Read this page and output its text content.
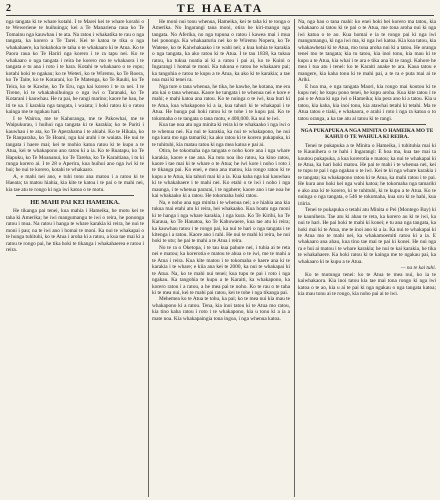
2	TE HAEATA

nga tangata ki te whare kotahi. I te Marei kei te whare korahi o te Weweriene te huihuinga; kei a Te Manariena raua ko Te Tomainu nga kauwhau i te ata. Na ratou i whakatika te rau o nga tangata, ka korero a Te Tarei. Kei te katoa te tika o nga whakahaere, ka hokahoka te taha o te whakaaro ki te Atua. Ko te Paora raua ko Te Hariri nga korero i te ra tapu nei. Ko te whakaaro o nga tangata i reira he korero mo te whakaora i te tangata e tu ana i roto i te hara. Kotahi te whakaaro o te ropu; kotahi hoki te ngakau; ko te Weteri, ko te Wiremu, ko Te Roera, ko Te Taite, ko te Kotarani, ko Te Matenga, ko Te Rauhi, ko Te Teira, ko te Kawhe, ko Te Eru, nga kai korero i te ra nei. I te Tirene, ki te whakahuihuinga o nga iwi o Taranaki, ko Te Kotarani i kauwhau. He ra pai, he rangi marino; kaore he hau, he iti te ua. I karakia nga tangata, i waiata; i hoki ratou ki o ratou kainga me te ngakau hari.

I te Wairoa, me te Kahuranga, me te Pakowhai, me te Waipukurau, i huihui nga tangata ki te karakia; ko te Pariti i kauwhau i te ata, ko Te Aperahama i te ahiahi. Ko te Hikaia, ko Te Rauparaha, ko Te Hoani, nga kai arahi i te waiata. He nui te tangata i haere mai; kei te mohio katoa ratou ki te kupu a te Atua, kei te whakapono ano ratou ki a ia. Ko te Ruatapu, ko Te Hapuku, ko Te Moananui, ko Te Tareha, ko Te Karaitiana, i tu ki runga korero ai. I te 28 o Aperira, kua huihui ano nga iwi ki te hui; he nui te korero, kotahi te whakaaro.

A, e mahi nei ano, e tuhi tonu ana matou i a ratou ki te Haeata; ta matou hiahia, kia kite te katoa i te pai o te mahi nei, kia tae atu te rongo ki nga iwi katoa o te motu.

HE MAHI PAI KEI HAMEIKA.

He tikanga pai tenei, kua mahia i Hameika, he motu kei te taha ki Amerika; he iwi mangumangu te iwi o reira, he pononga ratou i mua. Na ratou i hanga te whare karakia ki reira, he nui te moni i pau; na te iwi ano i homai te moni. Ka nui te whakapai o te hunga tuhituhi, ko te Atua i aroha ki a ratou, a kua tae mai ki a ratou te rongo pai, he tika hoki te tikanga i whakahaerea e ratou i reira.

He moni nui tonu whenua, Hameika, kei te taha ki te tonga o Amerika. No Ingarangi tana moni, otira he kiri-mangu nga tangata. No Aferika, no nga tupuna o ratou i kawea mai i mua hei pononga. Ka whakaaturia nei ko te Wiremu Nopera, ko Te Watene, ko te Kaiwhakaako i te wahi nei; a kua kohia te karakia o nga tangata, ka ako ratou ki te Atua. I te tau 1838, ka tukua ratou, ka tukua noatia ai ki a ratou i pai ai, ko te Kuini o Ingarangi i homai te moni. Ka tukuna e ratou he whakaaro pai; ka tangohia e ratou te kupu a te Atua, ka ako ki te karakia; a tae noa mai ki tenei ra.

Nga ture o tana whenua, he tika, he kawhe, he kotana, me era atu kai o tana whenua. Kaore he tangata i te whenua nei e kore e mahi; e mahi katoa ana ratou. Ko te nuinga o te iwi, kua huri ki te Atua, kua whakapono ki a ia, kua tahuri ki te whakapai i te Atua. He hunga pai hoki ratou ki te tohe i te kupu pai. Ko te tokomaha o te tangata o tana motu, e 400,000. Ka nui te iwi.

Kua tae noa atu nga minita ki reira ki te whakaako i nga iwi o te whenua nei. Ka nui te karakia, ka nui te whakapono, he nui nga kura mo nga tamariki; ka ako ratou ki te korero pukapuka, ki te tuhituhi, kia matau ratou ki nga mea katoa e pai ai.

Otira, he tokomaha nga tangata e noho kore ana i nga whare karakia, kaore e tae ana. Ka tutu noa iho ratou, ka kino ratou, kaore i tae mai ki te whare o te Atua; he iwi kore i noho i roto i te tikanga pai. Ko enei, e mea ana matou, kia rongo ratou ki te kupu a te Atua, kia tahuri mai ki a ia. Kua kaha nga kai kauwhau ki te whakahaere i te mahi nei. Ko etahi o te iwi i noho i nga maunga, i te whenua pararai, i te ngahere; kaore ano i tae noa he kai whakaako ki a ratou. He tokomaha hoki ratou.

Na, e noho ana nga minita i te whenua nei; a e hiahia ana kia tukua mai etahi atu ki reira, hei whakaako. Kua hoatu nga moni ki te hanga i nga whare karakia, i nga kura. Ko Te Kirihi, ko Te Karaua, ko Te Hanatoa, ko Te Kahuwaere, kua tae atu ki reira; ka kauwhau ratou i te rongo pai, ka nui te hari o nga tangata i te kitenga i a ratou. Kaore ano i rahi. He nui te mahi ki reira, he nui hoki te utu; he pai te mahi a te Atua i reira.

No te ra o Oketopa, i te tau kua pahure nei, i tuhia ai te reta nei e matou; ka korerotia e matou te ahua o te iwi, me te mahi a te Atua i reira. Kua kite matou i te tokomaha e haere ana ki te karakia i te whare; e kiia ana kei te 2000, ka nui te whakapai ki te Atua. Na, ko te mahi nui tenei; kua tupu te pai i roto i nga ngakau. Ka tangohia te kupu a te Karaiti, ka whakapono, ka korero ratou i a ratou, a he mea pai te noho. Ko te rau o te taha ki te mea nui, kei te mahi pai ratou, kei te tohe i nga tikanga pai.

Mehemea ko te Atua te tohu, ka pai; ko te mea nui kia mau te whakapono ki a ratou. Tena, kia inoi tatou ki te Atua mo ratou, kia tino kaha ratou i roto i te whakapono, kia u tonu ki a ia a mate noa. Kia whakapaingia tona ingoa, i nga whenua katoa.

Na, nga hau o tana mahi: ko enei hoki hei korero ma tatou, kia whakaaro ai tatou ki te pai o te Atua, me tona aroha nui ki nga iwi katoa o te ao. Kua homai e ia te rongo pai ki nga iwi mangumangu, ki nga iwi ma, ki nga iwi katoa. Kia koa tatou, kia whakawhetai ki te Atua, mo tona aroha nui ki a tatou. He oranga tenei mo te tangata; kia tu tatou, kia inoi tonu, kia mau ki te kupu a te Atua, kia whai i te ara e tika ana ki te rangi. Kahore he mea i tua atu i tenei: ko te Karaiti anake te ara. Kaua tatou e mangere, kia kaha tonu ki te mahi pai, a te ra e puta mai ai te Ariki.

E hoa ma, e nga tangata Maori, kia rongo mai koutou ki te kupu nei; he kupu pono tenei, he kupu aroha. Kua kite tatou i te pai o te Atua ki nga iwi o Hameika; kia pera ano ki a tatou. Kia u tatou, kia kaha, kia inoi tonu, kia atawhai tetahi ki tetahi. Ma te Atua tatou e tiaki, e whakaora, e arahi i roto i nga ra katoa o to tatou oranga, a ka tae atu ai tatou ki te rangi.

NGA PUKAPUKA A NGA MINITA O HAMEIKA MO TE KAHUI O TE WAHULA KI REIRA.

Tenei te pukapuka a te Minita o Hameika, i tuhituhia mai ki te Kaunihera o te hahi i Ingarangi: E hoa ma, kua tae mai ta koutou pukapuka, a kua korerotia e matou; ka nui te whakapai ki te Atua, ka hari hoki matou. He pai te mahi i te whenua nei, kei te tupu te pai i nga ngakau o te iwi. Kei te ki nga whare karakia i te tangata; ka whakapono ratou ki te Atua, ka mahi ratou i te pai. He kura ano hoki kei nga wahi katoa; he tokomaha nga tamariki e ako ana ki te korero, ki te tuhituhi, ki te kupu a te Atua. Ko te nuinga o nga tangata, e 546 te tokomaha, kua uru ki te hahi, kua iriiria.

Tenei te pukapuka o tetahi atu Minita o Pei (Montego Bay) ki te kaunihera. Tae atu ki ahau te reta, ka korero au ki te iwi, ka nui te hari. He pai hoki te mahi ki konei; e tu ana nga tangata, ka hoki mai ki te Atua, me te inoi ano ki a ia. Ka nui te whakapai ki te Atua mo te mahi nei, ka whakamoemiti ratou ki a ia. E whakaaro ana ahau, kua tino tae mai te pai ki konei. He nui nga ra e hui ai matou i te whare karakia; he nui te kai karakia, he tika te whakahaere. Ka hoki ratou ki te kainga me te ngakau pai, ka whakaaro ki te kupu a te Atua.

— na te kai tuhi.

Ko te mutunga tenei: ko te Atua te mea nui, ko ia te kaiwhakaora. Kia inoi tatou kia tae mai tona rongo ki nga iwi katoa o te ao, kia u ai te pai ki nga ngakau o nga tangata katoa; kia mau tonu ai te rongo, kia noho pai ai te iwi.
